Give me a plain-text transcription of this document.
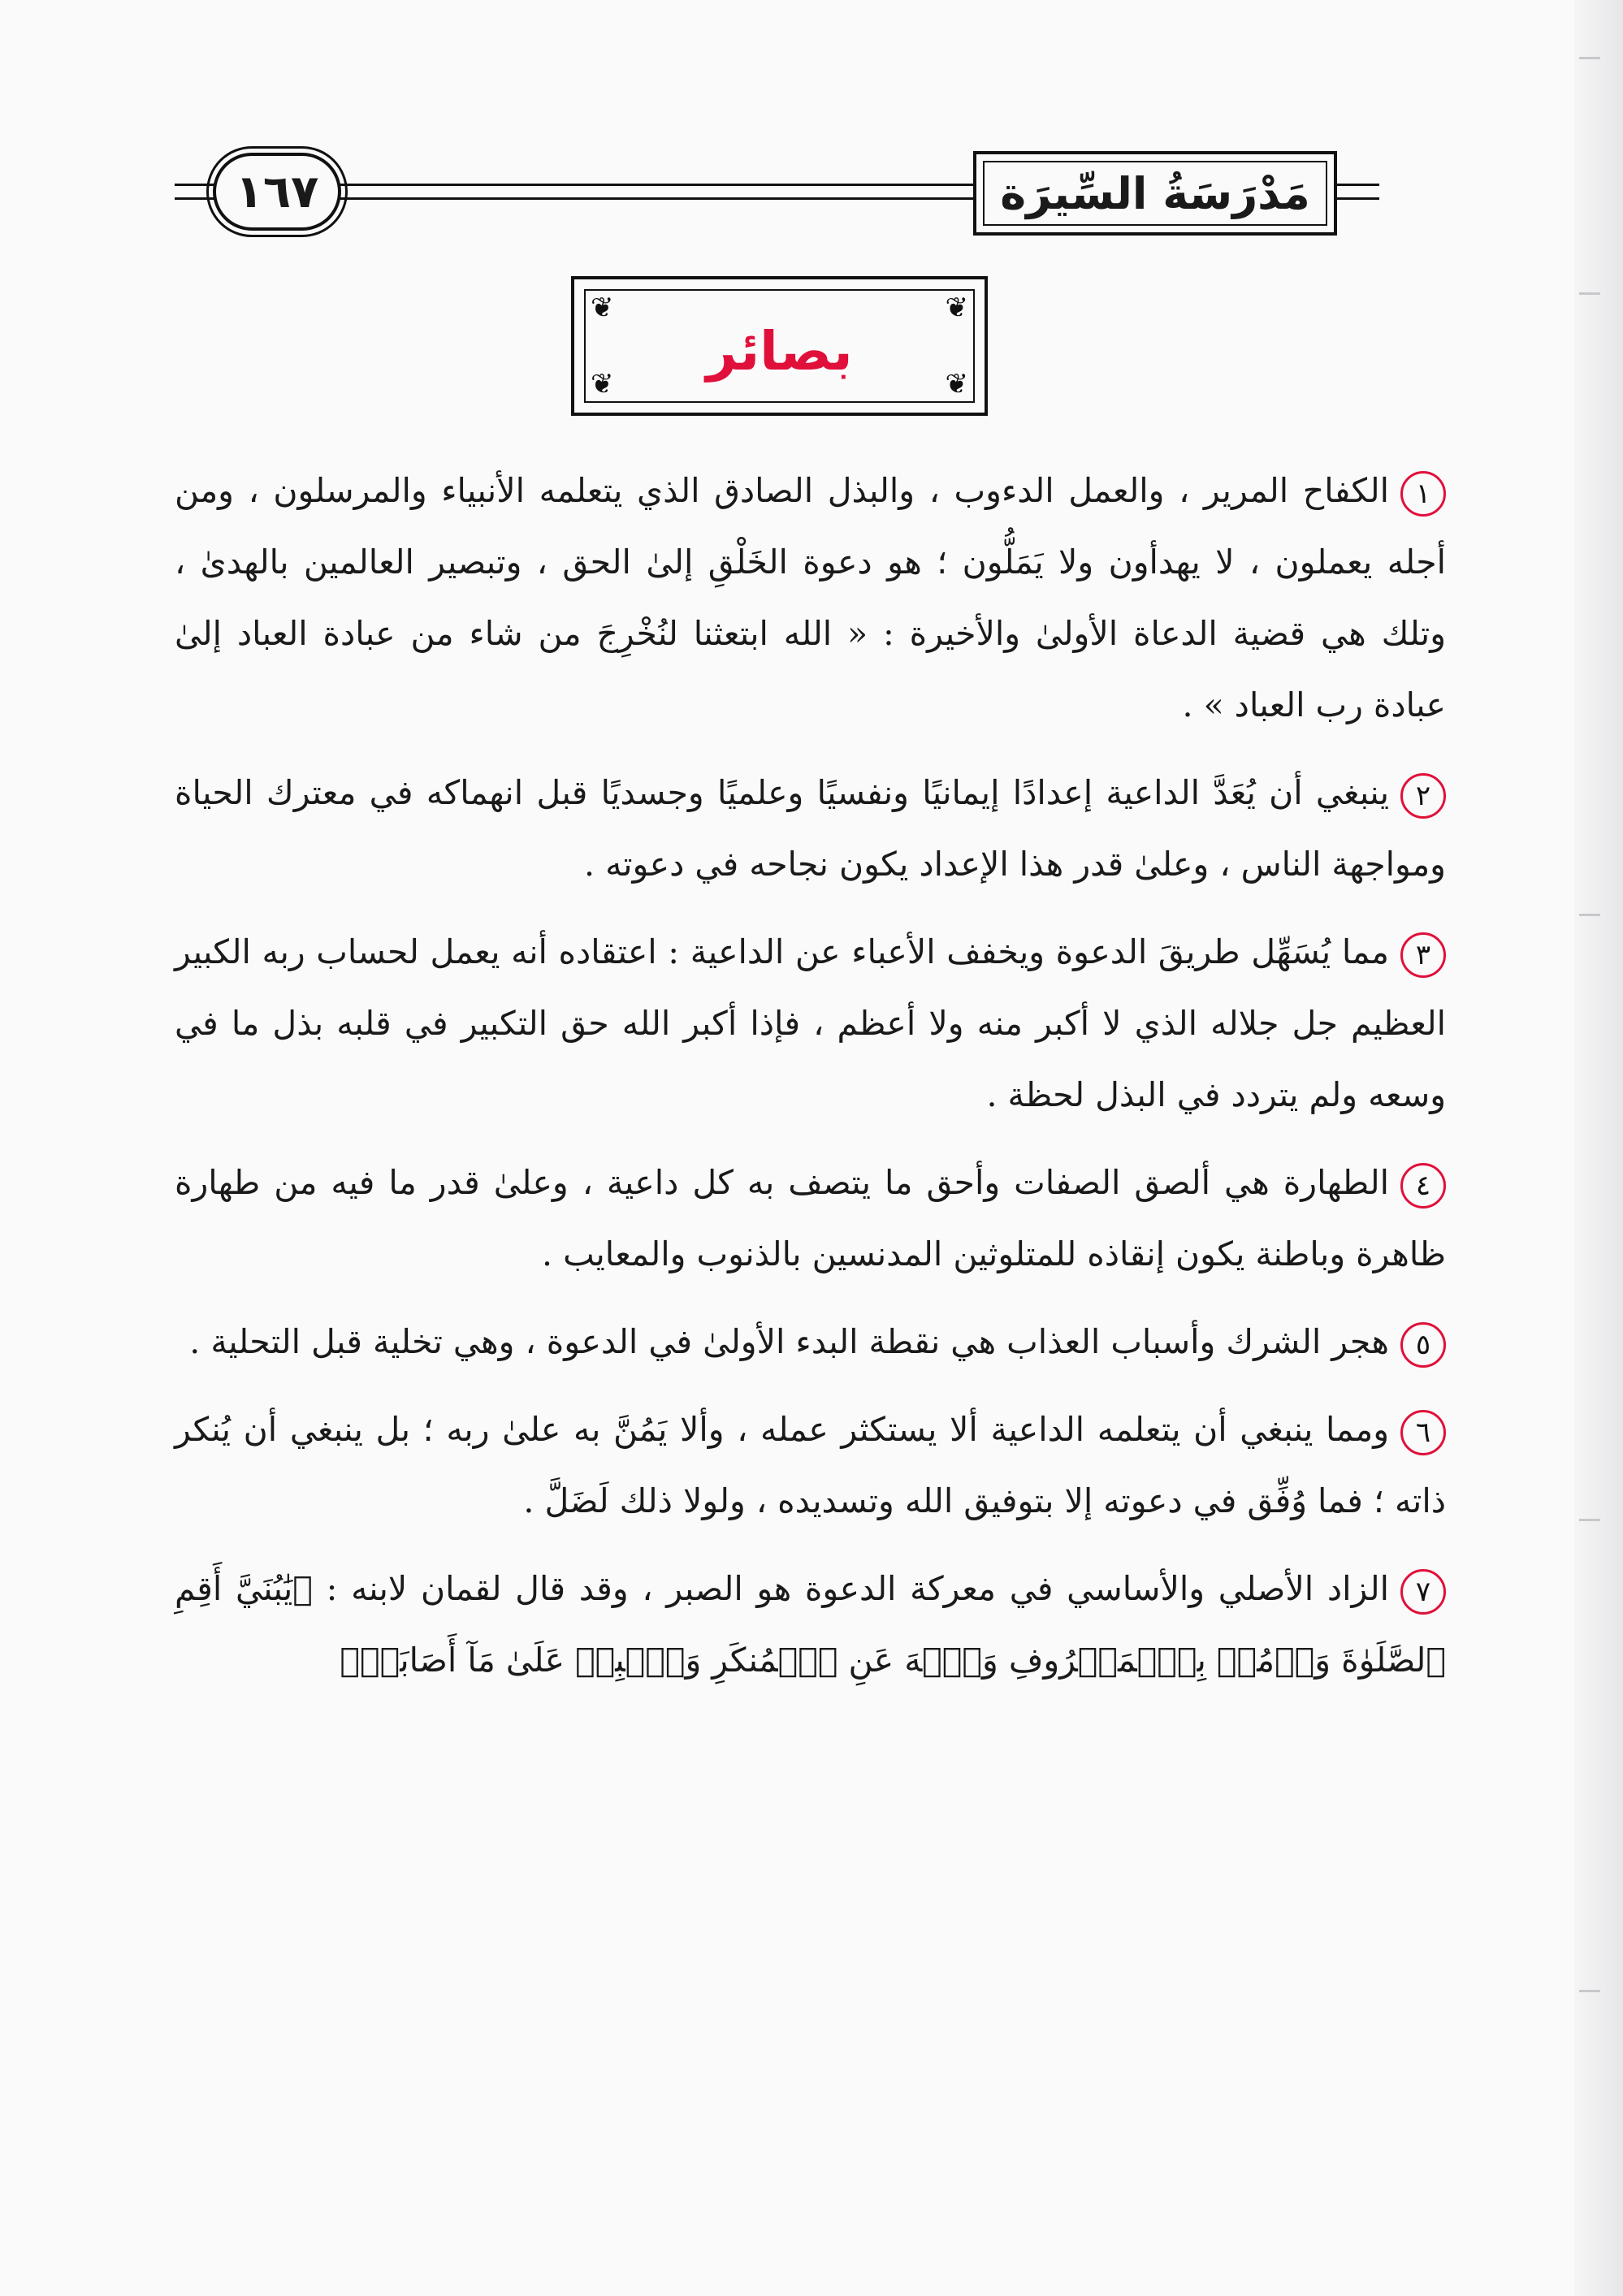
١٦٧	مَدْرَسَةُ السِّيرَة
❦	❦
❦	❦
بصائر

١الكفاح المرير ، والعمل الدءوب ، والبذل الصادق الذي يتعلمه الأنبياء والمرسلون ، ومن أجله يعملون ، لا يهدأون ولا يَمَلُّون ؛ هو دعوة الخَلْقِ إلىٰ الحق ، وتبصير العالمين بالهدىٰ ، وتلك هي قضية الدعاة الأولىٰ والأخيرة : « الله ابتعثنا لنُخْرِجَ من شاء من عبادة العباد إلىٰ عبادة رب العباد » .

٢ينبغي أن يُعَدَّ الداعية إعدادًا إيمانيًا ونفسيًا وعلميًا وجسديًا قبل انهماكه في معترك الحياة ومواجهة الناس ، وعلىٰ قدر هذا الإعداد يكون نجاحه في دعوته .

٣مما يُسَهِّل طريقَ الدعوة ويخفف الأعباء عن الداعية : اعتقاده أنه يعمل لحساب ربه الكبير العظيم جل جلاله الذي لا أكبر منه ولا أعظم ، فإذا أكبر الله حق التكبير في قلبه بذل ما في وسعه ولم يتردد في البذل لحظة .

٤الطهارة هي ألصق الصفات وأحق ما يتصف به كل داعية ، وعلىٰ قدر ما فيه من طهارة ظاهرة وباطنة يكون إنقاذه للمتلوثين المدنسين بالذنوب والمعايب .

٥هجر الشرك وأسباب العذاب هي نقطة البدء الأولىٰ في الدعوة ، وهي تخلية قبل التحلية .

٦ومما ينبغي أن يتعلمه الداعية ألا يستكثر عمله ، وألا يَمُنَّ به علىٰ ربه ؛ بل ينبغي أن يُنكر ذاته ؛ فما وُفِّق في دعوته إلا بتوفيق الله وتسديده ، ولولا ذلك لَضَلَّ .

٧الزاد الأصلي والأساسي في معركة الدعوة هو الصبر ، وقد قال لقمان لابنه : ﴿يَٰبُنَيَّ أَقِمِ ٱلصَّلَوٰةَ وَأۡمُرۡ بِٱلۡمَعۡرُوفِ وَٱنۡهَ عَنِ ٱلۡمُنكَرِ وَٱصۡبِرۡ عَلَىٰ مَآ أَصَابَكَۖ
